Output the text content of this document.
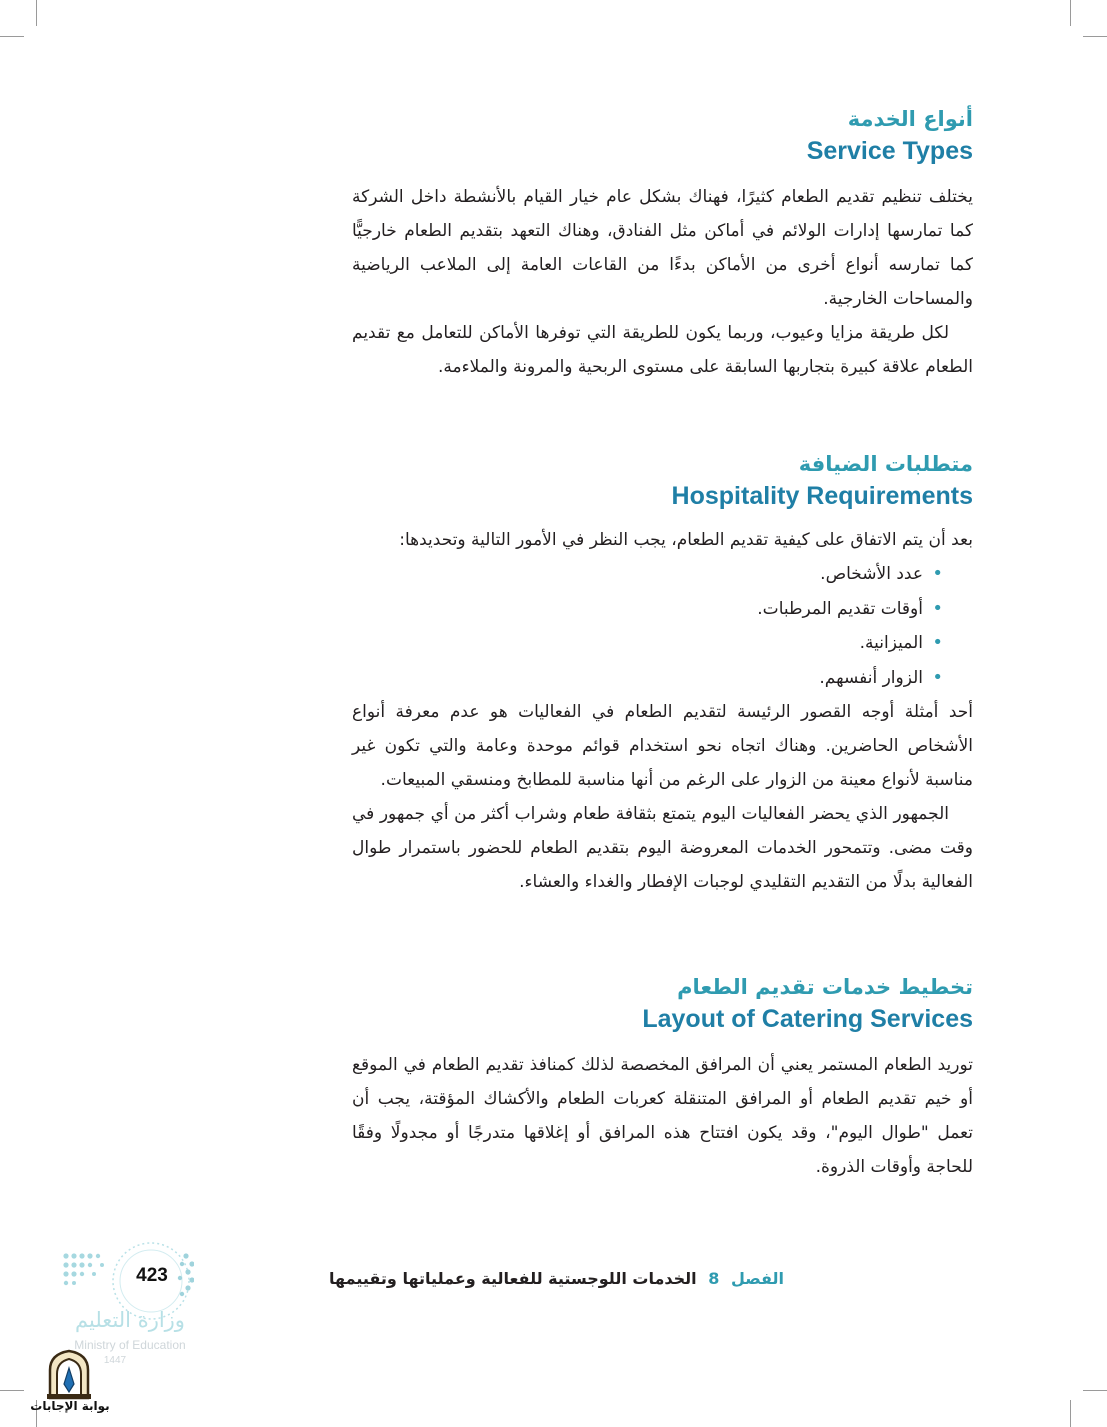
أنواع الخدمة
Service Types

يختلف تنظيم تقديم الطعام كثيرًا، فهناك بشكل عام خيار القيام بالأنشطة داخل الشركة كما تمارسها إدارات الولائم في أماكن مثل الفنادق، وهناك التعهد بتقديم الطعام خارجيًّا كما تمارسه أنواع أخرى من الأماكن بدءًا من القاعات العامة إلى الملاعب الرياضية والمساحات الخارجية.

لكل طريقة مزايا وعيوب، وربما يكون للطريقة التي توفرها الأماكن للتعامل مع تقديم الطعام علاقة كبيرة بتجاربها السابقة على مستوى الربحية والمرونة والملاءمة.

متطلبات الضيافة
Hospitality Requirements

بعد أن يتم الاتفاق على كيفية تقديم الطعام، يجب النظر في الأمور التالية وتحديدها:

•
عدد الأشخاص.
•
أوقات تقديم المرطبات.
•
الميزانية.
•
الزوار أنفسهم.

أحد أمثلة أوجه القصور الرئيسة لتقديم الطعام في الفعاليات هو عدم معرفة أنواع الأشخاص الحاضرين. وهناك اتجاه نحو استخدام قوائم موحدة وعامة والتي تكون غير مناسبة لأنواع معينة من الزوار على الرغم من أنها مناسبة للمطابخ ومنسقي المبيعات.

الجمهور الذي يحضر الفعاليات اليوم يتمتع بثقافة طعام وشراب أكثر من أي جمهور في وقت مضى. وتتمحور الخدمات المعروضة اليوم بتقديم الطعام للحضور باستمرار طوال الفعالية بدلًا من التقديم التقليدي لوجبات الإفطار والغداء والعشاء.

تخطيط خدمات تقديم الطعام
Layout of Catering Services

توريد الطعام المستمر يعني أن المرافق المخصصة لذلك كمنافذ تقديم الطعام في الموقع أو خيم تقديم الطعام أو المرافق المتنقلة كعربات الطعام والأكشاك المؤقتة، يجب أن تعمل "طوال اليوم"، وقد يكون افتتاح هذه المرافق أو إغلاقها متدرجًا أو مجدولًا وفقًا للحاجة وأوقات الذروة.

الفصل 8 الخدمات اللوجستية للفعالية وعملياتها وتقييمها
423
وزارة التعليم
Ministry of Education
1447
بوابة الإجابات
